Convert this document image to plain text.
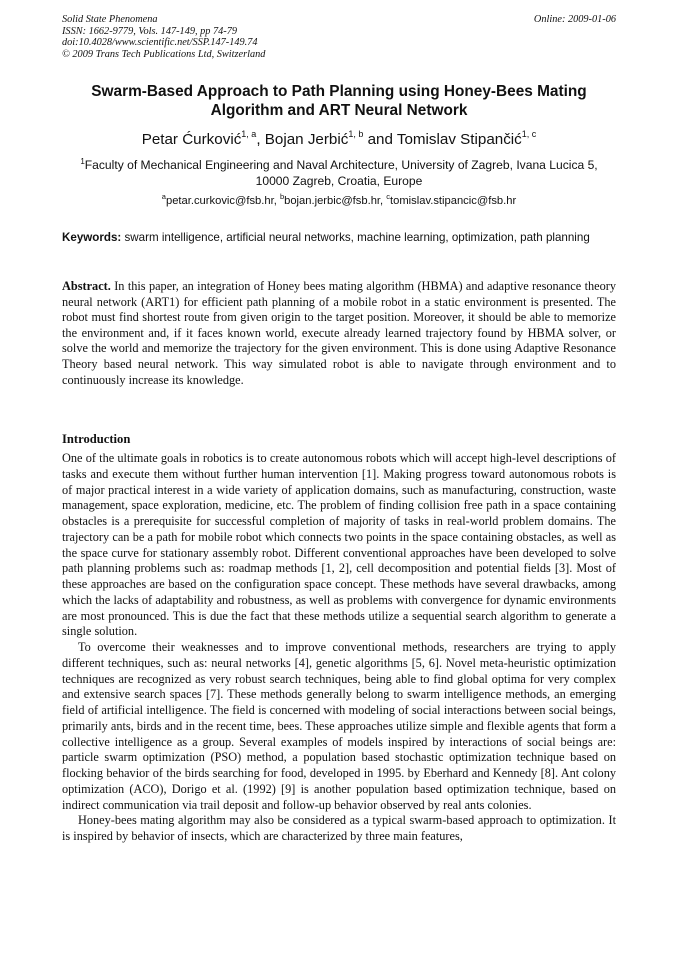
Solid State Phenomena
ISSN: 1662-9779, Vols. 147-149, pp 74-79
doi:10.4028/www.scientific.net/SSP.147-149.74
© 2009 Trans Tech Publications Ltd, Switzerland
Online: 2009-01-06
Swarm-Based Approach to Path Planning using Honey-Bees Mating
Algorithm and ART Neural Network
Petar Ćurković$^{1, a}$, Bojan Jerbić$^{1, b}$ and Tomislav Stipančić$^{1, c}$
$^1$Faculty of Mechanical Engineering and Naval Architecture, University of Zagreb, Ivana Lucica 5,
10000 Zagreb, Croatia, Europe
$^a$petar.curkovic@fsb.hr, $^b$bojan.jerbic@fsb.hr, $^c$tomislav.stipancic@fsb.hr
Keywords: swarm intelligence, artificial neural networks, machine learning, optimization, path planning

Abstract. In this paper, an integration of Honey bees mating algorithm (HBMA) and adaptive resonance theory neural network (ART1) for efficient path planning of a mobile robot in a static environment is presented. The robot must find shortest route from given origin to the target position. Moreover, it should be able to memorize the environment and, if it faces known world, execute already learned trajectory found by HBMA solver, or solve the world and memorize the trajectory for the given environment. This is done using Adaptive Resonance Theory based neural network. This way simulated robot is able to navigate through environment and to continuously increase its knowledge.

Introduction

One of the ultimate goals in robotics is to create autonomous robots which will accept high-level descriptions of tasks and execute them without further human intervention [1]. Making progress toward autonomous robots is of major practical interest in a wide variety of application domains, such as manufacturing, construction, waste management, space exploration, medicine, etc. The problem of finding collision free path in a space containing obstacles is a prerequisite for successful completion of majority of tasks in real-world problem domains. The trajectory can be a path for mobile robot which connects two points in the space containing obstacles, as well as the space curve for stationary assembly robot. Different conventional approaches have been developed to solve path planning problems such as: roadmap methods [1, 2], cell decomposition and potential fields [3]. Most of these approaches are based on the configuration space concept. These methods have several drawbacks, among which the lacks of adaptability and robustness, as well as problems with convergence for dynamic environments are most pronounced. This is due the fact that these methods utilize a sequential search algorithm to generate a single solution.

To overcome their weaknesses and to improve conventional methods, researchers are trying to apply different techniques, such as: neural networks [4], genetic algorithms [5, 6]. Novel meta-heuristic optimization techniques are recognized as very robust search techniques, being able to find global optima for very complex and extensive search spaces [7]. These methods generally belong to swarm intelligence methods, an emerging field of artificial intelligence. The field is concerned with modeling of social interactions between social beings, primarily ants, birds and in the recent time, bees. These approaches utilize simple and flexible agents that form a collective intelligence as a group. Several examples of models inspired by interactions of social beings are: particle swarm optimization (PSO) method, a population based stochastic optimization technique based on flocking behavior of the birds searching for food, developed in 1995. by Eberhard and Kennedy [8]. Ant colony optimization (ACO), Dorigo et al. (1992) [9] is another population based optimization technique, based on indirect communication via trail deposit and follow-up behavior observed by real ants colonies.

Honey-bees mating algorithm may also be considered as a typical swarm-based approach to optimization. It is inspired by behavior of insects, which are characterized by three main features,
